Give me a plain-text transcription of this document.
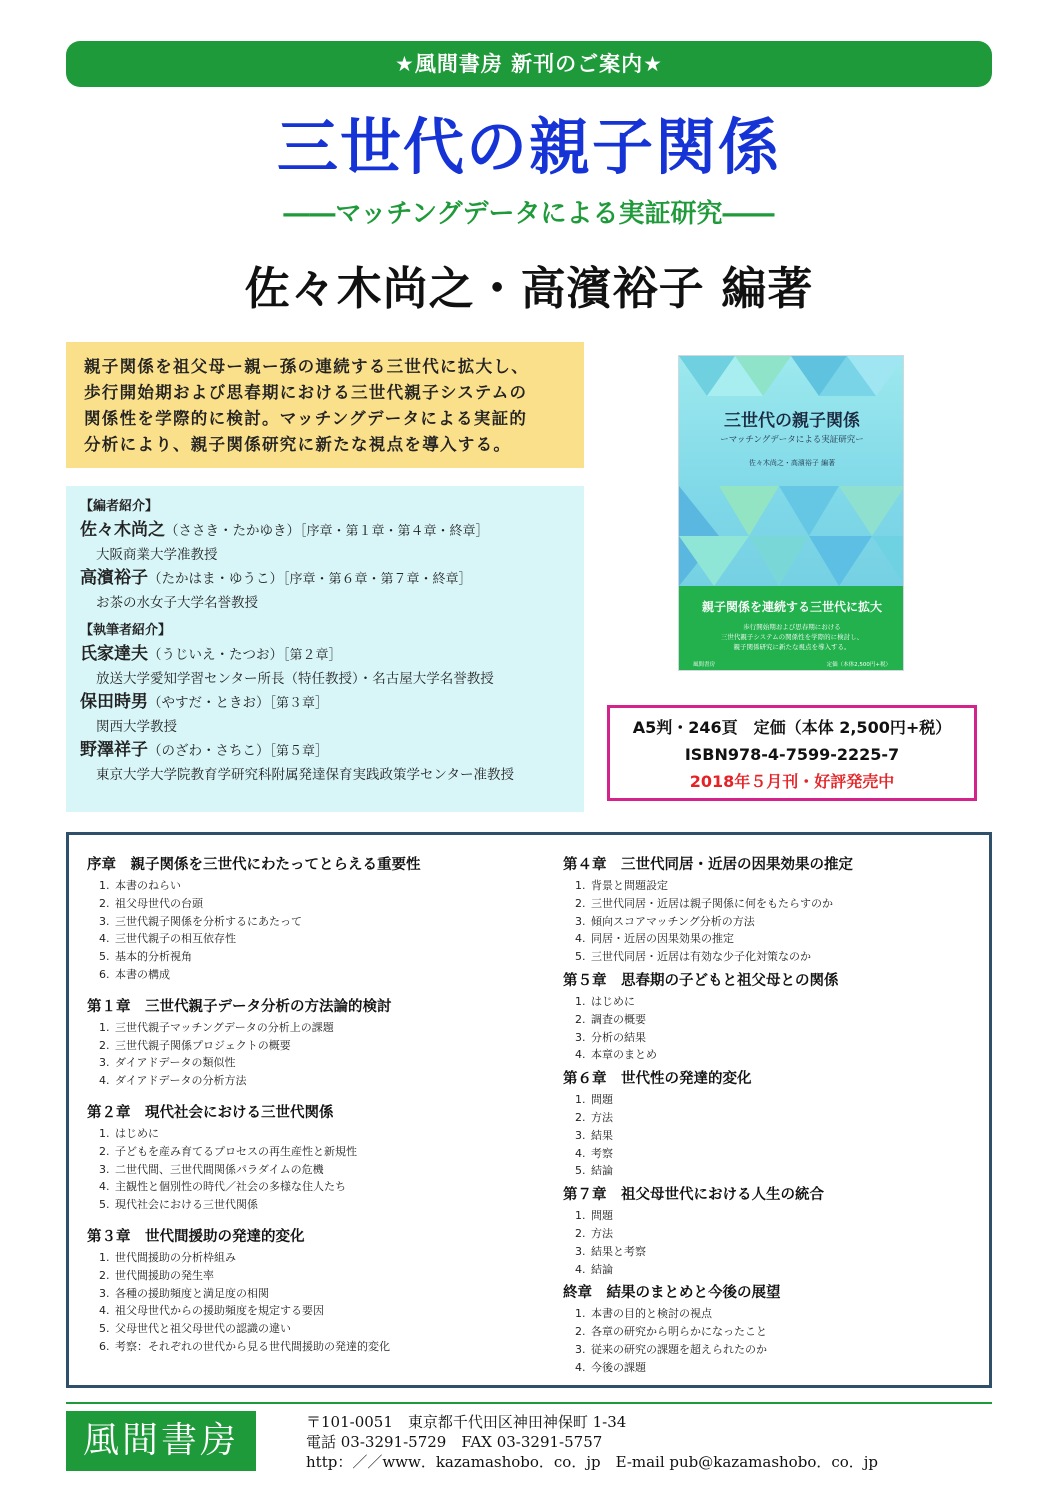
★風間書房 新刊のご案内★
三世代の親子関係
――マッチングデータによる実証研究――
佐々木尚之・高濱裕子 編著

親子関係を祖父母ー親ー孫の連続する三世代に拡大し、

歩行開始期および思春期における三世代親子システムの

関係性を学際的に検討。マッチングデータによる実証的

分析により、親子関係研究に新たな視点を導入する。

【編者紹介】
佐々木尚之（ささき・たかゆき）［序章・第１章・第４章・終章］
大阪商業大学准教授
高濱裕子（たかはま・ゆうこ）［序章・第６章・第７章・終章］
お茶の水女子大学名誉教授
【執筆者紹介】
氏家達夫（うじいえ・たつお）［第２章］
放送大学愛知学習センター所長（特任教授）・名古屋大学名誉教授
保田時男（やすだ・ときお）［第３章］
関西大学教授
野澤祥子（のざわ・さちこ）［第５章］
東京大学大学院教育学研究科附属発達保育実践政策学センター准教授
三世代の親子関係
ーマッチングデータによる実証研究ー
佐々木尚之・高濱裕子 編著
親子関係を連続する三世代に拡大
歩行開始期および思春期における
三世代親子システムの関係性を学際的に検討し、
親子関係研究に新たな視点を導入する。
風間書房	定価（本体2,500円+税）
A5判・246頁　定価（本体 2,500円+税）
ISBN978-4-7599-2225-7
2018年５月刊・好評発売中
序章　親子関係を三世代にわたってとらえる重要性
1. 本書のねらい
2. 祖父母世代の台頭
3. 三世代親子関係を分析するにあたって
4. 三世代親子の相互依存性
5. 基本的分析視角
6. 本書の構成
第１章　三世代親子データ分析の方法論的検討
1. 三世代親子マッチングデータの分析上の課題
2. 三世代親子関係プロジェクトの概要
3. ダイアドデータの類似性
4. ダイアドデータの分析方法
第２章　現代社会における三世代関係
1. はじめに
2. 子どもを産み育てるプロセスの再生産性と新規性
3. 二世代間、三世代間関係パラダイムの危機
4. 主観性と個別性の時代／社会の多様な住人たち
5. 現代社会における三世代関係
第３章　世代間援助の発達的変化
1. 世代間援助の分析枠組み
2. 世代間援助の発生率
3. 各種の援助頻度と満足度の相関
4. 祖父母世代からの援助頻度を規定する要因
5. 父母世代と祖父母世代の認識の違い
6. 考察：それぞれの世代から見る世代間援助の発達的変化
第４章　三世代同居・近居の因果効果の推定
1. 背景と問題設定
2. 三世代同居・近居は親子関係に何をもたらすのか
3. 傾向スコアマッチング分析の方法
4. 同居・近居の因果効果の推定
5. 三世代同居・近居は有効な少子化対策なのか
第５章　思春期の子どもと祖父母との関係
1. はじめに
2. 調査の概要
3. 分析の結果
4. 本章のまとめ
第６章　世代性の発達的変化
1. 問題
2. 方法
3. 結果
4. 考察
5. 結論
第７章　祖父母世代における人生の統合
1. 問題
2. 方法
3. 結果と考察
4. 結論
終章　結果のまとめと今後の展望
1. 本書の目的と検討の視点
2. 各章の研究から明らかになったこと
3. 従来の研究の課題を超えられたのか
4. 今後の課題
風間書房	〒101-0051　東京都千代田区神田神保町 1-34
電話 03-3291-5729　FAX 03-3291-5757
http：／／www．kazamashobo．co．jp　E-mail pub@kazamashobo．co．jp
